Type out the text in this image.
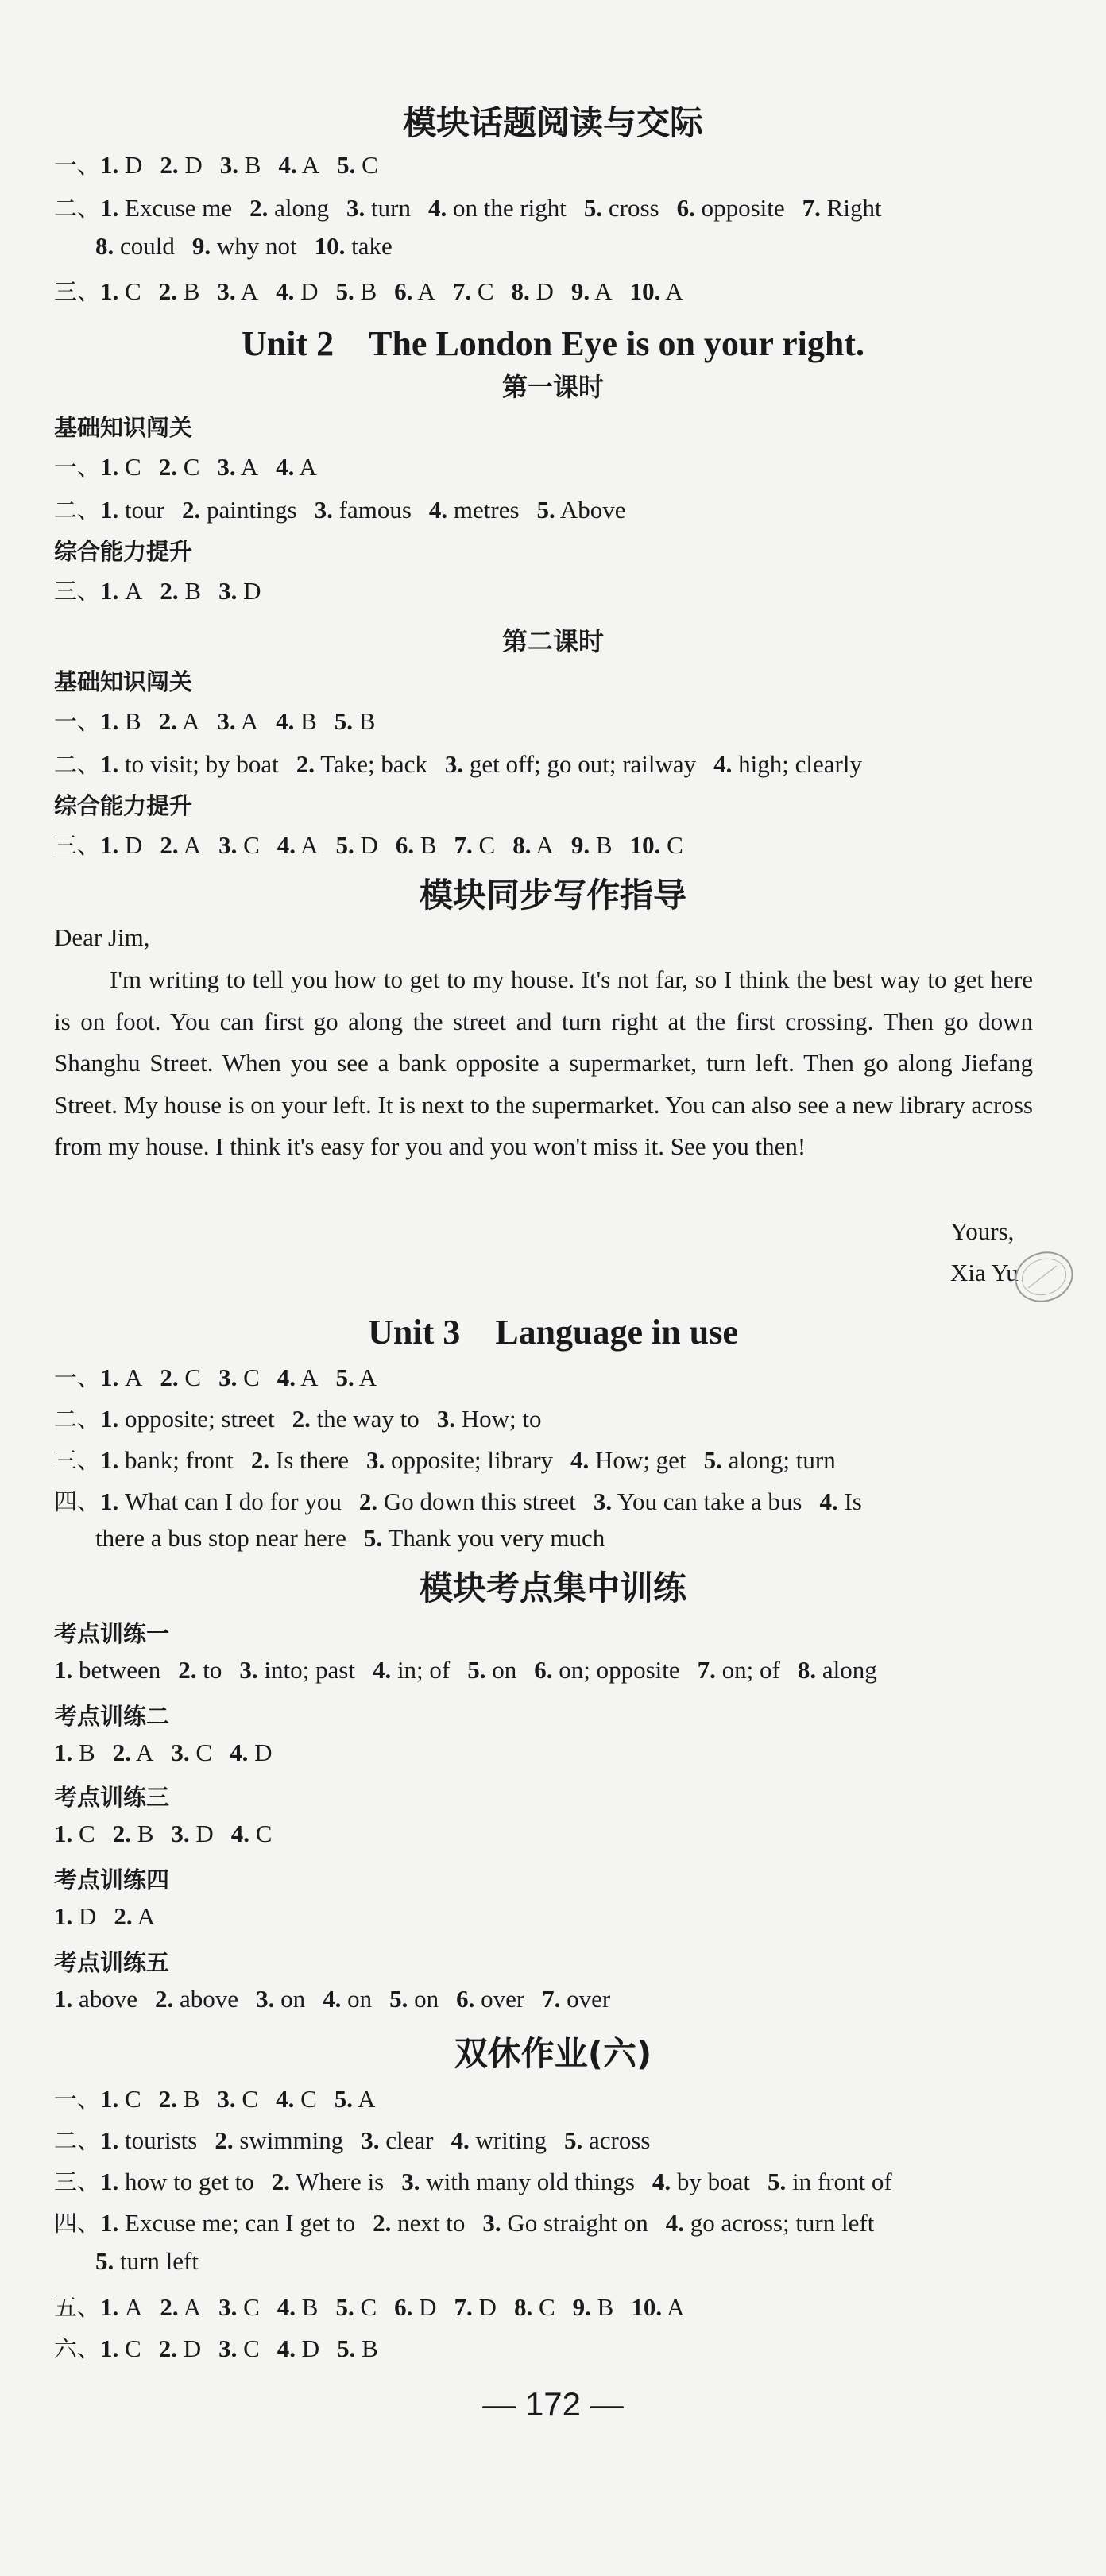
模块话题阅读与交际
一、1. D 2. D 3. B 4. A 5. C
二、1. Excuse me 2. along 3. turn 4. on the right 5. cross 6. opposite 7. Right
8. could 9. why not 10. take
三、1. C 2. B 3. A 4. D 5. B 6. A 7. C 8. D 9. A 10. A
Unit 2　The London Eye is on your right.
第一课时
基础知识闯关
一、1. C 2. C 3. A 4. A
二、1. tour 2. paintings 3. famous 4. metres 5. Above
综合能力提升
三、1. A 2. B 3. D
第二课时
基础知识闯关
一、1. B 2. A 3. A 4. B 5. B
二、1. to visit; by boat 2. Take; back 3. get off; go out; railway 4. high; clearly
综合能力提升
三、1. D 2. A 3. C 4. A 5. D 6. B 7. C 8. A 9. B 10. C
模块同步写作指导
Dear Jim,
I'm writing to tell you how to get to my house. It's not far, so I think the best way to get here is on foot. You can first go along the street and turn right at the first crossing. Then go down Shanghu Street. When you see a bank opposite a supermarket, turn left. Then go along Jiefang Street. My house is on your left. It is next to the supermarket. You can also see a new library across from my house. I think it's easy for you and you won't miss it. See you then!
Yours,
Xia Yu
Unit 3　Language in use
一、1. A 2. C 3. C 4. A 5. A
二、1. opposite; street 2. the way to 3. How; to
三、1. bank; front 2. Is there 3. opposite; library 4. How; get 5. along; turn
四、1. What can I do for you 2. Go down this street 3. You can take a bus 4. Is
there a bus stop near here 5. Thank you very much
模块考点集中训练
考点训练一
1. between 2. to 3. into; past 4. in; of 5. on 6. on; opposite 7. on; of 8. along
考点训练二
1. B 2. A 3. C 4. D
考点训练三
1. C 2. B 3. D 4. C
考点训练四
1. D 2. A
考点训练五
1. above 2. above 3. on 4. on 5. on 6. over 7. over
双休作业(六)
一、1. C 2. B 3. C 4. C 5. A
二、1. tourists 2. swimming 3. clear 4. writing 5. across
三、1. how to get to 2. Where is 3. with many old things 4. by boat 5. in front of
四、1. Excuse me; can I get to 2. next to 3. Go straight on 4. go across; turn left
5. turn left
五、1. A 2. A 3. C 4. B 5. C 6. D 7. D 8. C 9. B 10. A
六、1. C 2. D 3. C 4. D 5. B
— 172 —
